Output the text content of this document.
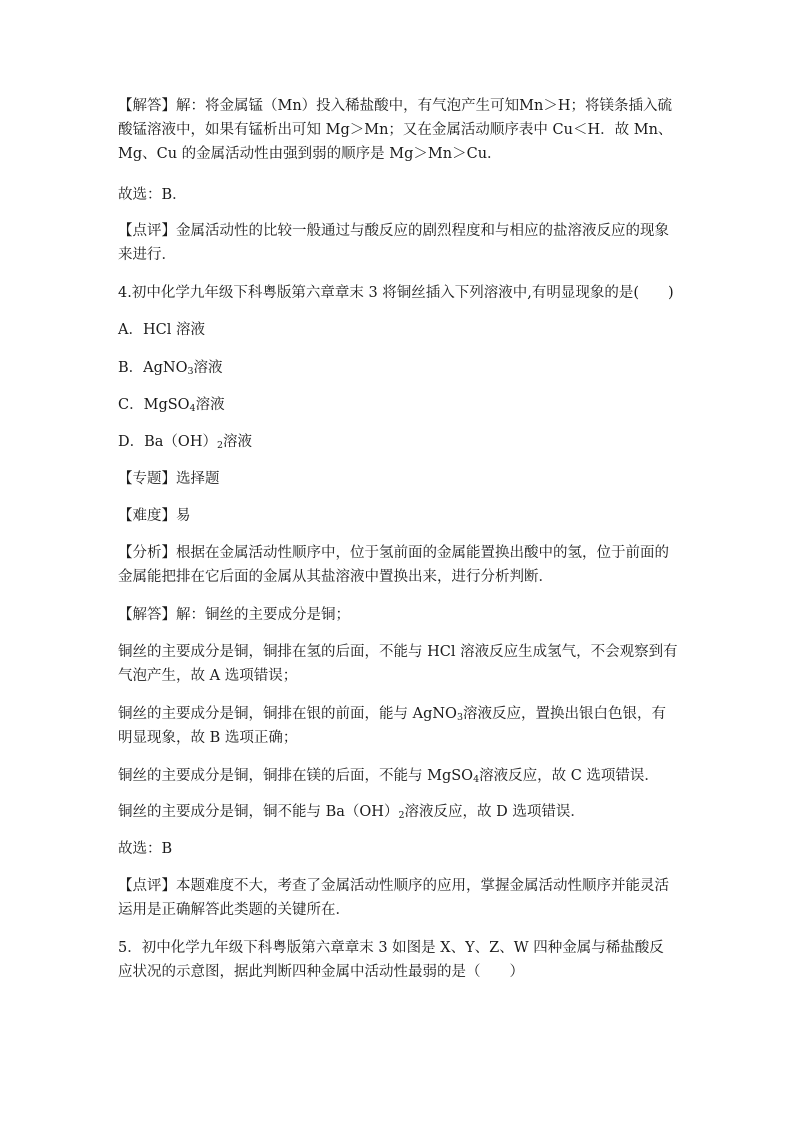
【解答】解：将金属锰（Mn）投入稀盐酸中，有气泡产生可知Mn＞H；将镁条插入硫酸锰溶液中，如果有锰析出可知 Mg＞Mn；又在金属活动顺序表中 Cu＜H．故 Mn、Mg、Cu 的金属活动性由强到弱的顺序是 Mg＞Mn＞Cu．

故选：B．

【点评】金属活动性的比较一般通过与酸反应的剧烈程度和与相应的盐溶液反应的现象来进行．

4.初中化学九年级下科粤版第六章章末 3 将铜丝插入下列溶液中,有明显现象的是(　　)

A．HCl 溶液

B．AgNO$_3$溶液

C．MgSO$_4$溶液

D．$Ba(OH)_2$溶液

【专题】选择题

【难度】易

【分析】根据在金属活动性顺序中，位于氢前面的金属能置换出酸中的氢，位于前面的金属能把排在它后面的金属从其盐溶液中置换出来，进行分析判断．

【解答】解：铜丝的主要成分是铜；

铜丝的主要成分是铜，铜排在氢的后面，不能与 HCl 溶液反应生成氢气，不会观察到有气泡产生，故 A 选项错误；

铜丝的主要成分是铜，铜排在银的前面，能与 AgNO$_3$溶液反应，置换出银白色银，有明显现象，故 B 选项正确；

铜丝的主要成分是铜，铜排在镁的后面，不能与 MgSO$_4$溶液反应，故 C 选项错误．

铜丝的主要成分是铜，铜不能与 $Ba(OH)_2$溶液反应，故 D 选项错误．

故选：B

【点评】本题难度不大，考查了金属活动性顺序的应用，掌握金属活动性顺序并能灵活运用是正确解答此类题的关键所在．

5．初中化学九年级下科粤版第六章章末 3 如图是 X、Y、Z、W 四种金属与稀盐酸反应状况的示意图，据此判断四种金属中活动性最弱的是（　　）
